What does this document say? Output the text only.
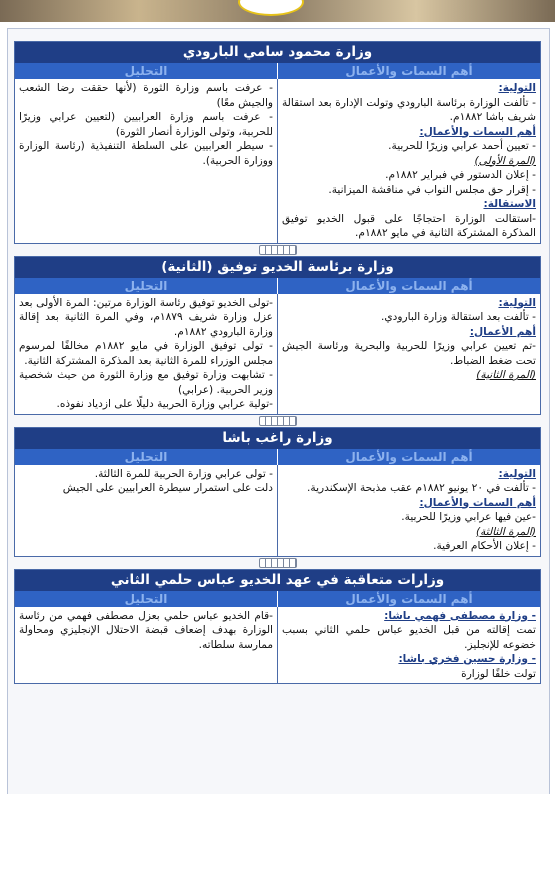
وزارة محمود سامي البارودي
أهم السمات والأعمال
التحليل
التولية:
- تألفت الوزارة برئاسة البارودي وتولت الإدارة بعد استقالة شريف باشا ١٨٨٢م.

أهم السمات والأعمال:
- تعيين أحمد عرابي وزيرًا للحربية.
(المرة الأولى)
- إعلان الدستور في فبراير ١٨٨٢م.
- إقرار حق مجلس النواب في مناقشة الميزانية.

الاستقالة:
-استقالت الوزارة احتجاجًا على قبول الخديو توفيق المذكرة المشتركة الثانية في مايو ١٨٨٢م.

- عرفت باسم وزارة الثورة (لأنها حققت رضا الشعب والجيش معًا)
- عرفت باسم وزارة العرابيين (لتعيين عرابي وزيرًا للحربية، وتولى الوزارة أنصار الثورة)
- سيطر العرابيين على السلطة التنفيذية (رئاسة الوزارة ووزارة الحربية).
وزارة برئاسة الخديو توفيق (الثانية)
أهم السمات والأعمال
التحليل
التولية:
- تألفت بعد استقالة وزارة البارودي.

أهم الأعمال:
-تم تعيين عرابي وزيرًا للحربية والبحرية ورئاسة الجيش تحت ضغط الضباط.
(المرة الثانية)

-تولى الخديو توفيق رئاسة الوزارة مرتين: المرة الأولى بعد عزل وزارة شريف ١٨٧٩م، وفي المرة الثانية بعد إقالة وزارة البارودي ١٨٨٢م.
- تولى توفيق الوزارة في مايو ١٨٨٢م مخالفًا لمرسوم مجلس الوزراء للمرة الثانية بعد المذكرة المشتركة الثانية.
- تشابهت وزارة توفيق مع وزارة الثورة من حيث شخصية وزير الحربية. (عرابي)
-تولية عرابي وزارة الحربية دليلًا على ازدياد نفوذه.
وزارة راغب باشا
أهم السمات والأعمال
التحليل
التولية:
- تألفت في ٢٠ يونيو ١٨٨٢م عقب مذبحة الإسكندرية.

أهم السمات والأعمال:
-عين فيها عرابي وزيرًا للحربية.
(المرة الثالثة)
- إعلان الأحكام العرفية.

- تولى عرابي وزارة الحربية للمرة الثالثة.
دلت على استمرار سيطرة العرابيين على الجيش
وزارات متعاقبة في عهد الخديو عباس حلمي الثاني
أهم السمات والأعمال
التحليل
- وزارة مصطفى فهمي باشا:
تمت إقالته من قبل الخديو عباس حلمي الثاني بسبب خضوعه للإنجليز.

- وزارة حسين فخري باشا:
تولت خلفًا لوزارة

-قام الخديو عباس حلمي بعزل مصطفى فهمي من رئاسة الوزارة بهدف إضعاف قبضة الاحتلال الإنجليزي ومحاولة ممارسة سلطاته.
